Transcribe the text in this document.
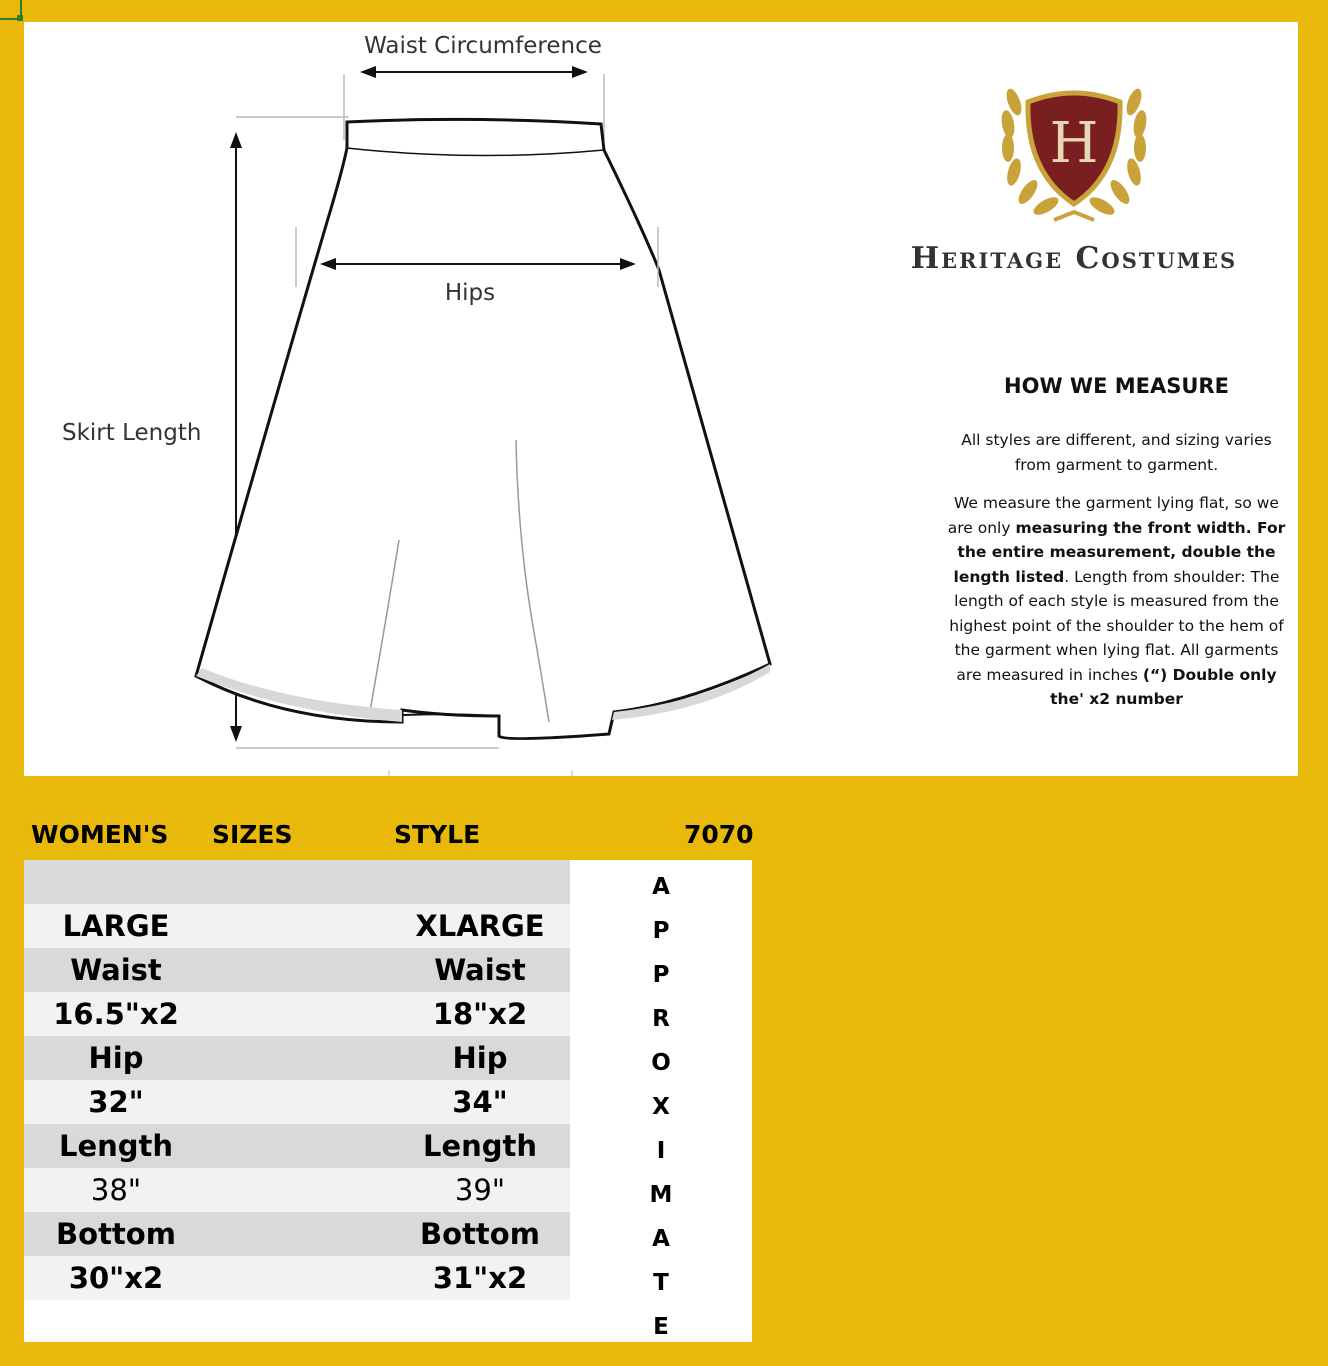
Waist Circumference
Skirt Length
Hips
H
Heritage Costumes
HOW WE MEASURE

All styles are different, and sizing varies from garment to garment.

We measure the garment lying flat, so we are only measuring the front width. For the entire measurement, double the length listed. Length from shoulder: The length of each style is measured from the highest point of the shoulder to the hem of the garment when lying flat. All garments are measured in inches (“) Double only the' x2 number

WOMEN'S SIZES	STYLE	7070
LARGE	XLARGE
Waist	Waist
16.5"x2	18"x2
Hip	Hip
32"	34"
Length	Length
38"	39"
Bottom	Bottom
30"x2	31"x2
A
P
P
R
O
X
I
M
A
T
E
